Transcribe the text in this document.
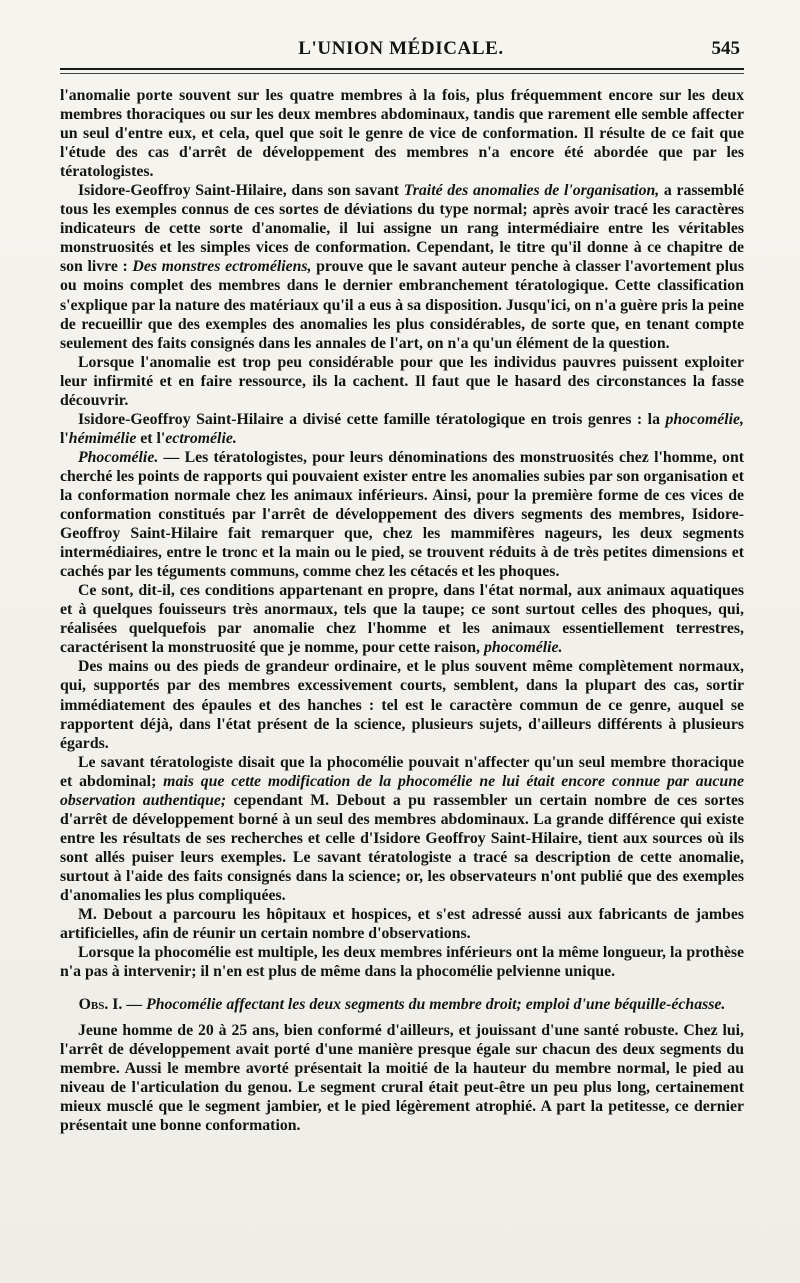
L'UNION MÉDICALE.	545

l'anomalie porte souvent sur les quatre membres à la fois, plus fréquemment encore sur les deux membres thoraciques ou sur les deux membres abdominaux, tandis que rarement elle semble affecter un seul d'entre eux, et cela, quel que soit le genre de vice de conformation. Il résulte de ce fait que l'étude des cas d'arrêt de développement des membres n'a encore été abordée que par les tératologistes.

Isidore-Geoffroy Saint-Hilaire, dans son savant Traité des anomalies de l'organisation, a rassemblé tous les exemples connus de ces sortes de déviations du type normal; après avoir tracé les caractères indicateurs de cette sorte d'anomalie, il lui assigne un rang intermédiaire entre les véritables monstruosités et les simples vices de conformation. Cependant, le titre qu'il donne à ce chapitre de son livre : Des monstres ectroméliens, prouve que le savant auteur penche à classer l'avortement plus ou moins complet des membres dans le dernier embranchement tératologique. Cette classification s'explique par la nature des matériaux qu'il a eus à sa disposition. Jusqu'ici, on n'a guère pris la peine de recueillir que des exemples des anomalies les plus considérables, de sorte que, en tenant compte seulement des faits consignés dans les annales de l'art, on n'a qu'un élément de la question.

Lorsque l'anomalie est trop peu considérable pour que les individus pauvres puissent exploiter leur infirmité et en faire ressource, ils la cachent. Il faut que le hasard des circonstances la fasse découvrir.

Isidore-Geoffroy Saint-Hilaire a divisé cette famille tératologique en trois genres : la phocomélie, l'hémimélie et l'ectromélie.

Phocomélie. — Les tératologistes, pour leurs dénominations des monstruosités chez l'homme, ont cherché les points de rapports qui pouvaient exister entre les anomalies subies par son organisation et la conformation normale chez les animaux inférieurs. Ainsi, pour la première forme de ces vices de conformation constitués par l'arrêt de développement des divers segments des membres, Isidore-Geoffroy Saint-Hilaire fait remarquer que, chez les mammifères nageurs, les deux segments intermédiaires, entre le tronc et la main ou le pied, se trouvent réduits à de très petites dimensions et cachés par les téguments communs, comme chez les cétacés et les phoques.

Ce sont, dit-il, ces conditions appartenant en propre, dans l'état normal, aux animaux aquatiques et à quelques fouisseurs très anormaux, tels que la taupe; ce sont surtout celles des phoques, qui, réalisées quelquefois par anomalie chez l'homme et les animaux essentiellement terrestres, caractérisent la monstruosité que je nomme, pour cette raison, phocomélie.

Des mains ou des pieds de grandeur ordinaire, et le plus souvent même complètement normaux, qui, supportés par des membres excessivement courts, semblent, dans la plupart des cas, sortir immédiatement des épaules et des hanches : tel est le caractère commun de ce genre, auquel se rapportent déjà, dans l'état présent de la science, plusieurs sujets, d'ailleurs différents à plusieurs égards.

Le savant tératologiste disait que la phocomélie pouvait n'affecter qu'un seul membre thoracique et abdominal; mais que cette modification de la phocomélie ne lui était encore connue par aucune observation authentique; cependant M. Debout a pu rassembler un certain nombre de ces sortes d'arrêt de développement borné à un seul des membres abdominaux. La grande différence qui existe entre les résultats de ses recherches et celle d'Isidore Geoffroy Saint-Hilaire, tient aux sources où ils sont allés puiser leurs exemples. Le savant tératologiste a tracé sa description de cette anomalie, surtout à l'aide des faits consignés dans la science; or, les observateurs n'ont publié que des exemples d'anomalies les plus compliquées.

M. Debout a parcouru les hôpitaux et hospices, et s'est adressé aussi aux fabricants de jambes artificielles, afin de réunir un certain nombre d'observations.

Lorsque la phocomélie est multiple, les deux membres inférieurs ont la même longueur, la prothèse n'a pas à intervenir; il n'en est plus de même dans la phocomélie pelvienne unique.

Obs. I. — Phocomélie affectant les deux segments du membre droit; emploi d'une béquille-échasse.

Jeune homme de 20 à 25 ans, bien conformé d'ailleurs, et jouissant d'une santé robuste. Chez lui, l'arrêt de développement avait porté d'une manière presque égale sur chacun des deux segments du membre. Aussi le membre avorté présentait la moitié de la hauteur du membre normal, le pied au niveau de l'articulation du genou. Le segment crural était peut-être un peu plus long, certainement mieux musclé que le segment jambier, et le pied légèrement atrophié. A part la petitesse, ce dernier présentait une bonne conformation.
